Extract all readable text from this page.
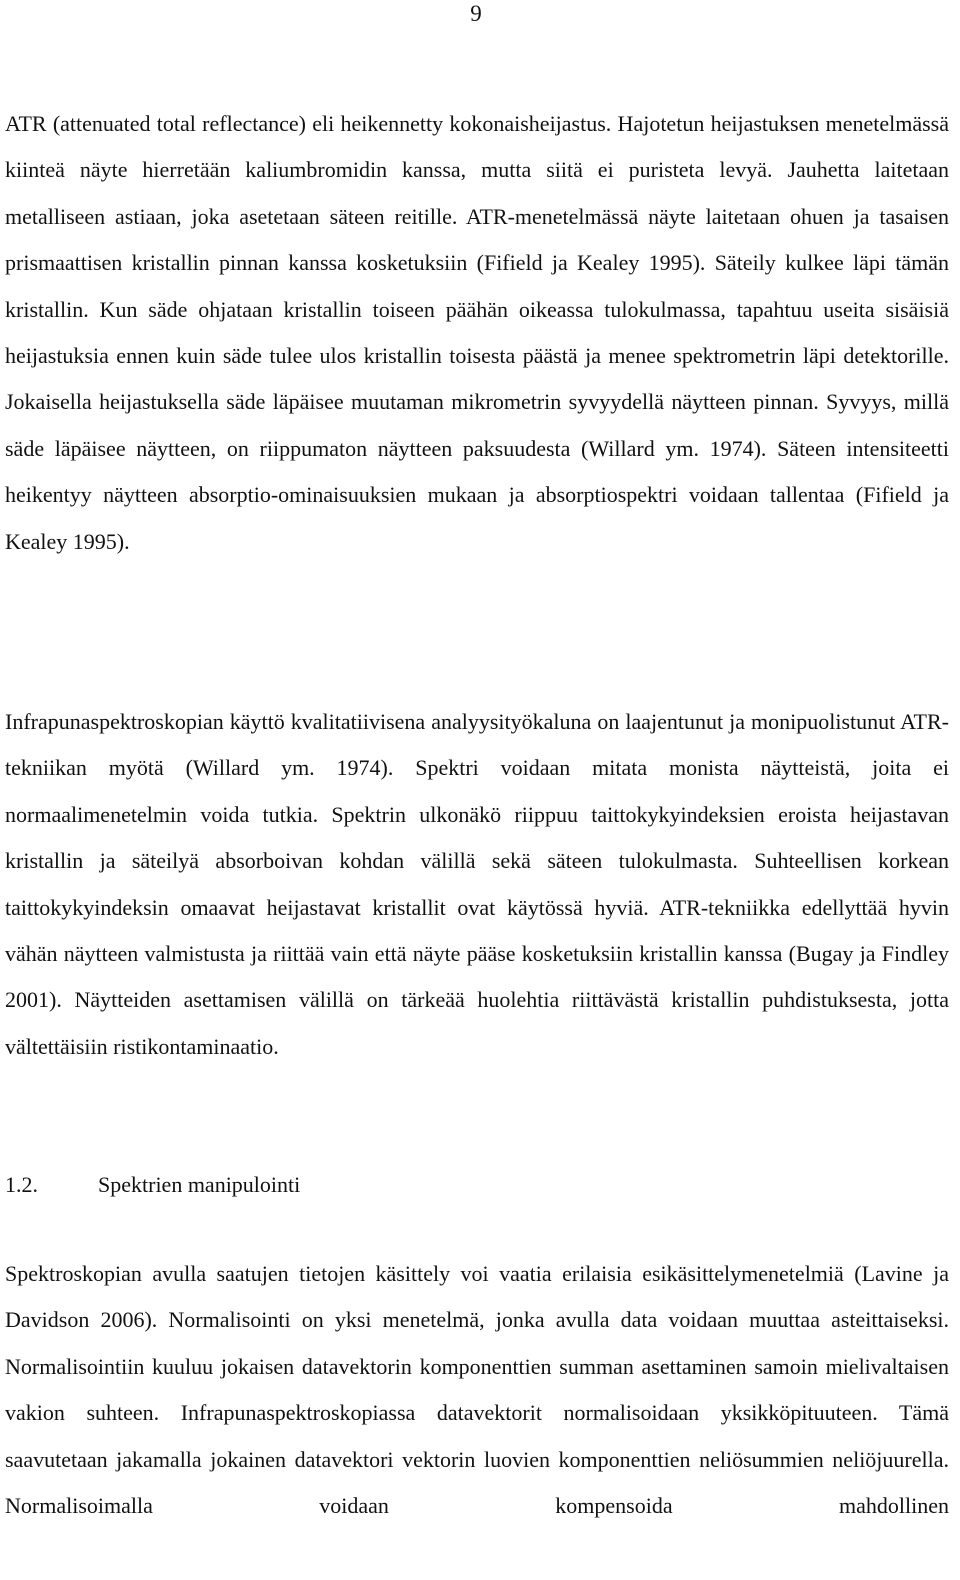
9

ATR (attenuated total reflectance) eli heikennetty kokonaisheijastus. Hajotetun heijastuksen menetelmässä kiinteä näyte hierretään kaliumbromidin kanssa, mutta siitä ei puristeta levyä. Jauhetta laitetaan metalliseen astiaan, joka asetetaan säteen reitille. ATR-menetelmässä näyte laitetaan ohuen ja tasaisen prismaattisen kristallin pinnan kanssa kosketuksiin (Fifield ja Kealey 1995). Säteily kulkee läpi tämän kristallin. Kun säde ohjataan kristallin toiseen päähän oikeassa tulokulmassa, tapahtuu useita sisäisiä heijastuksia ennen kuin säde tulee ulos kristallin toisesta päästä ja menee spektrometrin läpi detektorille. Jokaisella heijastuksella säde läpäisee muutaman mikrometrin syvyydellä näytteen pinnan. Syvyys, millä säde läpäisee näytteen, on riippumaton näytteen paksuudesta (Willard ym. 1974). Säteen intensiteetti heikentyy näytteen absorptio-ominaisuuksien mukaan ja absorptiospektri voidaan tallentaa (Fifield ja Kealey 1995).

Infrapunaspektroskopian käyttö kvalitatiivisena analyysityökaluna on laajentunut ja monipuolistunut ATR-tekniikan myötä (Willard ym. 1974). Spektri voidaan mitata monista näytteistä, joita ei normaalimenetelmin voida tutkia. Spektrin ulkonäkö riippuu taittokykyindeksien eroista heijastavan kristallin ja säteilyä absorboivan kohdan välillä sekä säteen tulokulmasta. Suhteellisen korkean taittokykyindeksin omaavat heijastavat kristallit ovat käytössä hyviä. ATR-tekniikka edellyttää hyvin vähän näytteen valmistusta ja riittää vain että näyte pääse kosketuksiin kristallin kanssa (Bugay ja Findley 2001). Näytteiden asettamisen välillä on tärkeää huolehtia riittävästä kristallin puhdistuksesta, jotta vältettäisiin ristikontaminaatio.

1.2.	Spektrien manipulointi

Spektroskopian avulla saatujen tietojen käsittely voi vaatia erilaisia esikäsittelymenetelmiä (Lavine ja Davidson 2006). Normalisointi on yksi menetelmä, jonka avulla data voidaan muuttaa asteittaiseksi. Normalisointiin kuuluu jokaisen datavektorin komponenttien summan asettaminen samoin mielivaltaisen vakion suhteen. Infrapunaspektroskopiassa datavektorit normalisoidaan yksikköpituuteen. Tämä saavutetaan jakamalla jokainen datavektori vektorin luovien komponenttien neliösummien neliöjuurella. Normalisoimalla voidaan kompensoida mahdollinen
